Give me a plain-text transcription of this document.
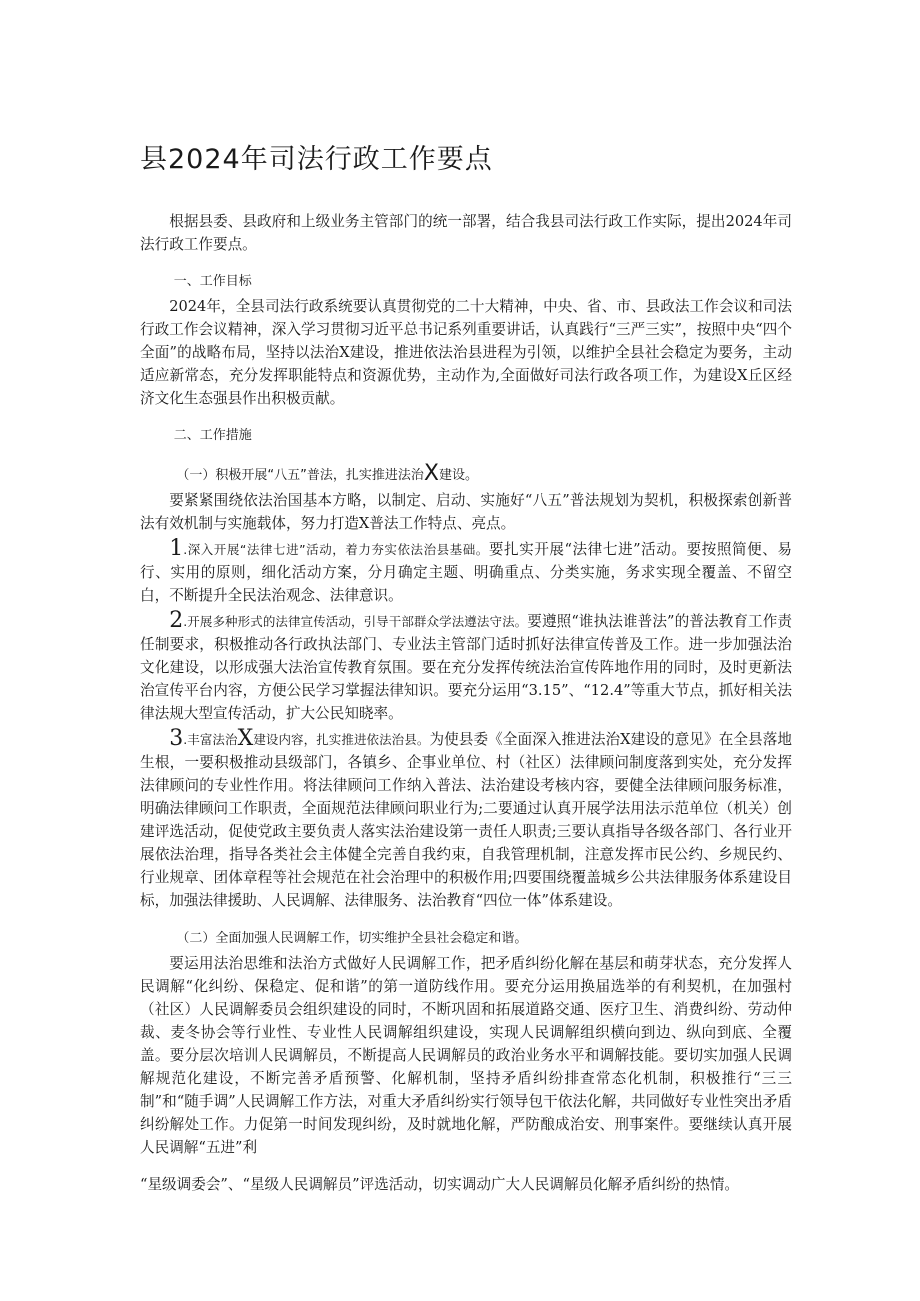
县2024年司法行政工作要点

根据县委、县政府和上级业务主管部门的统一部署，结合我县司法行政工作实际，提出2024年司法行政工作要点。

一、工作目标

2024年，全县司法行政系统要认真贯彻党的二十大精神，中央、省、市、县政法工作会议和司法行政工作会议精神，深入学习贯彻习近平总书记系列重要讲话，认真践行“三严三实”，按照中央“四个全面”的战略布局，坚持以法治X建设，推进依法治县进程为引领，以维护全县社会稳定为要务，主动适应新常态，充分发挥职能特点和资源优势，主动作为,全面做好司法行政各项工作，为建设X丘区经济文化生态强县作出积极贡献。

二、工作措施

（一）积极开展“八五”普法，扎实推进法治X建设。

要紧紧围绕依法治国基本方略，以制定、启动、实施好“八五”普法规划为契机，积极探索创新普法有效机制与实施载体，努力打造X普法工作特点、亮点。

1.深入开展“法律七进”活动，着力夯实依法治县基础。要扎实开展“法律七进”活动。要按照简便、易行、实用的原则，细化活动方案，分月确定主题、明确重点、分类实施，务求实现全覆盖、不留空白，不断提升全民法治观念、法律意识。

2.开展多种形式的法律宣传活动，引导干部群众学法遵法守法。要遵照“谁执法谁普法”的普法教育工作责任制要求，积极推动各行政执法部门、专业法主管部门适时抓好法律宣传普及工作。进一步加强法治文化建设，以形成强大法治宣传教育氛围。要在充分发挥传统法治宣传阵地作用的同时，及时更新法治宣传平台内容，方便公民学习掌握法律知识。要充分运用“3.15”、“12.4”等重大节点，抓好相关法律法规大型宣传活动，扩大公民知晓率。

3.丰富法治X建设内容，扎实推进依法治县。为使县委《全面深入推进法治X建设的意见》在全县落地生根，一要积极推动县级部门，各镇乡、企事业单位、村（社区）法律顾问制度落到实处，充分发挥法律顾问的专业性作用。将法律顾问工作纳入普法、法治建设考核内容，要健全法律顾问服务标准，明确法律顾问工作职责，全面规范法律顾问职业行为;二要通过认真开展学法用法示范单位（机关）创建评选活动，促使党政主要负责人落实法治建设第一责任人职责;三要认真指导各级各部门、各行业开展依法治理，指导各类社会主体健全完善自我约束，自我管理机制，注意发挥市民公约、乡规民约、行业规章、团体章程等社会规范在社会治理中的积极作用;四要围绕覆盖城乡公共法律服务体系建设目标，加强法律援助、人民调解、法律服务、法治教育“四位一体”体系建设。

（二）全面加强人民调解工作，切实维护全县社会稳定和谐。

要运用法治思维和法治方式做好人民调解工作，把矛盾纠纷化解在基层和萌芽状态，充分发挥人民调解“化纠纷、保稳定、促和谐”的第一道防线作用。要充分运用换届选举的有利契机，在加强村（社区）人民调解委员会组织建设的同时，不断巩固和拓展道路交通、医疗卫生、消费纠纷、劳动仲裁、麦冬协会等行业性、专业性人民调解组织建设，实现人民调解组织横向到边、纵向到底、全覆盖。要分层次培训人民调解员，不断提高人民调解员的政治业务水平和调解技能。要切实加强人民调解规范化建设，不断完善矛盾预警、化解机制，坚持矛盾纠纷排查常态化机制，积极推行“三三制”和“随手调”人民调解工作方法，对重大矛盾纠纷实行领导包干依法化解，共同做好专业性突出矛盾纠纷解处工作。力促第一时间发现纠纷，及时就地化解，严防酿成治安、刑事案件。要继续认真开展人民调解“五进”利

“星级调委会”、“星级人民调解员”评选活动，切实调动广大人民调解员化解矛盾纠纷的热情。
